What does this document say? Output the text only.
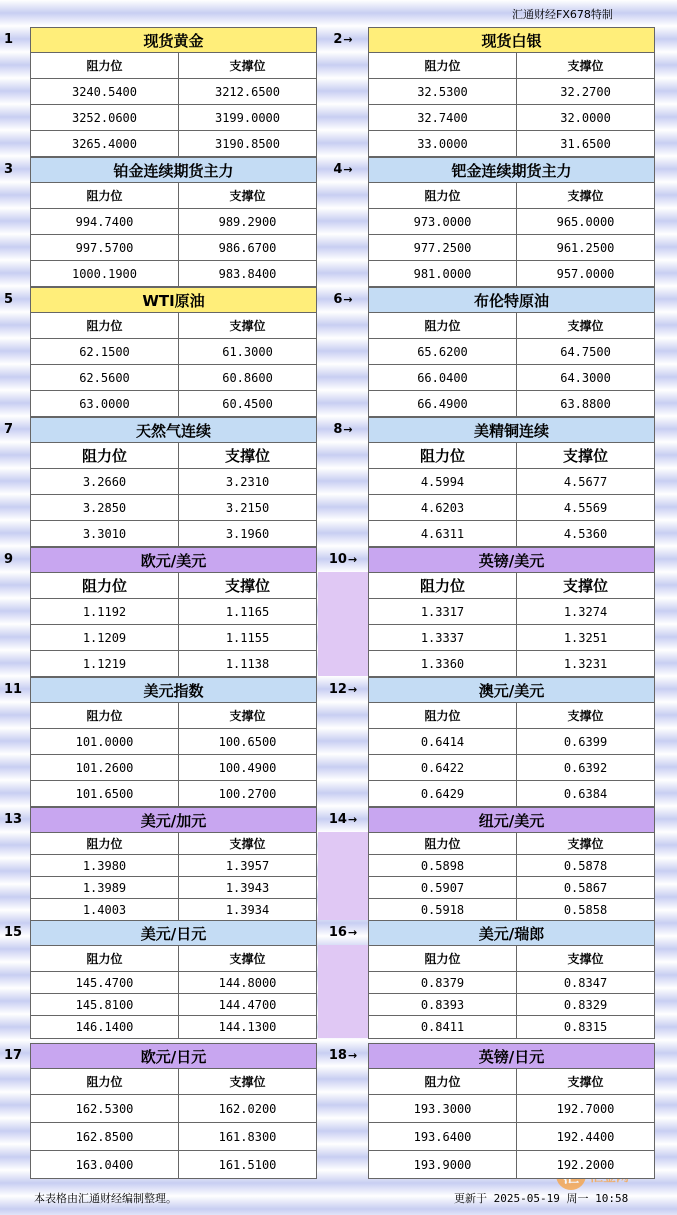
汇通财经FX678特制
本表格由汇通财经编制整理。	更新于 2025-05-19 周一 10:58
1	2 →
现货黄金	
阻力位	支撑位
3240.5400	3212.6500
3252.0600	3199.0000
3265.4000	3190.8500
现货白银	
阻力位	支撑位
32.5300	32.2700
32.7400	32.0000
33.0000	31.6500
3	4 →
铂金连续期货主力	
阻力位	支撑位
994.7400	989.2900
997.5700	986.6700
1000.1900	983.8400
钯金连续期货主力	
阻力位	支撑位
973.0000	965.0000
977.2500	961.2500
981.0000	957.0000
5	6 →
WTI原油	
阻力位	支撑位
62.1500	61.3000
62.5600	60.8600
63.0000	60.4500
布伦特原油	
阻力位	支撑位
65.6200	64.7500
66.0400	64.3000
66.4900	63.8800
7	8 →
天然气连续	
阻力位	支撑位
3.2660	3.2310
3.2850	3.2150
3.3010	3.1960
美精铜连续	
阻力位	支撑位
4.5994	4.5677
4.6203	4.5569
4.6311	4.5360
9	10 →
欧元/美元	
阻力位	支撑位
1.1192	1.1165
1.1209	1.1155
1.1219	1.1138
英镑/美元	
阻力位	支撑位
1.3317	1.3274
1.3337	1.3251
1.3360	1.3231
11	12 →
美元指数	
阻力位	支撑位
101.0000	100.6500
101.2600	100.4900
101.6500	100.2700
澳元/美元	
阻力位	支撑位
0.6414	0.6399
0.6422	0.6392
0.6429	0.6384
13	14 →
美元/加元	
阻力位	支撑位
1.3980	1.3957
1.3989	1.3943
1.4003	1.3934
纽元/美元	
阻力位	支撑位
0.5898	0.5878
0.5907	0.5867
0.5918	0.5858
15	16 →
美元/日元	
阻力位	支撑位
145.4700	144.8000
145.8100	144.4700
146.1400	144.1300
美元/瑞郎	
阻力位	支撑位
0.8379	0.8347
0.8393	0.8329
0.8411	0.8315
17	18 →
欧元/日元	
阻力位	支撑位
162.5300	162.0200
162.8500	161.8300
163.0400	161.5100
英镑/日元	
阻力位	支撑位
193.3000	192.7000
193.6400	192.4400
193.9000	192.2000
